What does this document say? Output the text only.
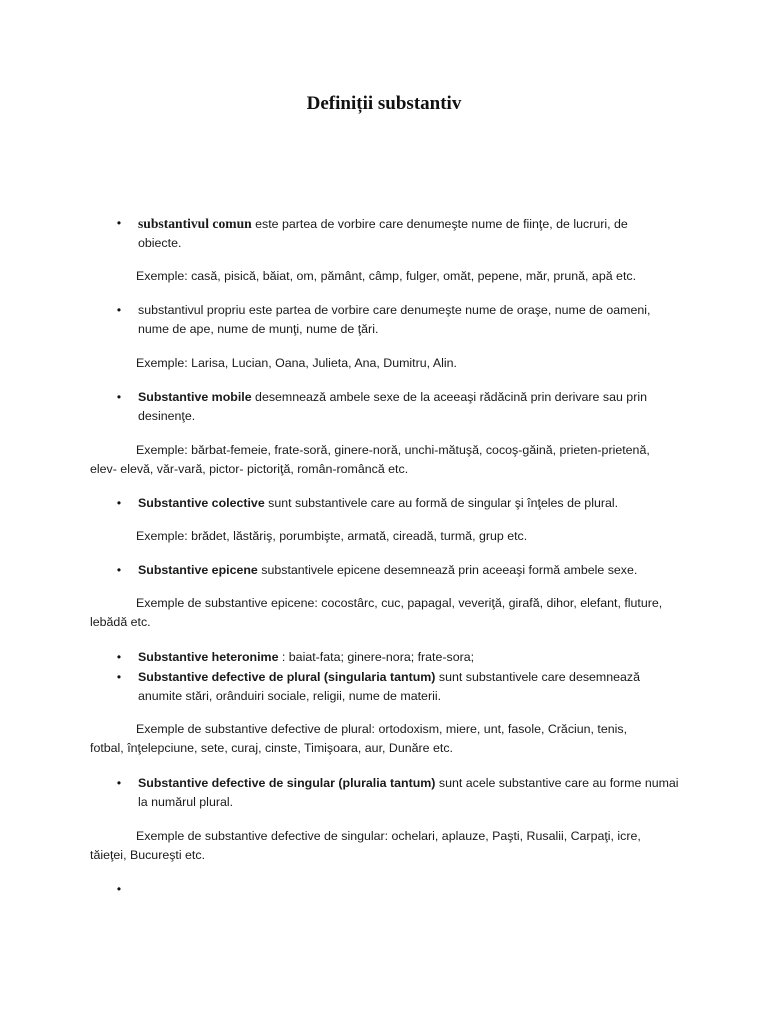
Definiții substantiv
• substantivul comun este partea de vorbire care denumeşte nume de fiinţe, de lucruri, de
obiecte.
Exemple: casă, pisică, băiat, om, pământ, câmp, fulger, omăt, pepene, măr, prună, apă etc.
• substantivul propriu este partea de vorbire care denumeşte nume de oraşe, nume de oameni,
nume de ape, nume de munţi, nume de ţări.
Exemple: Larisa, Lucian, Oana, Julieta, Ana, Dumitru, Alin.
• Substantive mobile desemnează ambele sexe de la aceeaşi rădăcină prin derivare sau prin
desinenţe.
Exemple: bărbat-femeie, frate-soră, ginere-noră, unchi-mătuşă, cocoş-găină, prieten-prietenă,
elev- elevă, văr-vară, pictor- pictoriţă, român-româncă etc.
• Substantive colective sunt substantivele care au formă de singular şi înţeles de plural.
Exemple: brădet, lăstăriş, porumbişte, armată, cireadă, turmă, grup etc.
• Substantive epicene substantivele epicene desemnează prin aceeaşi formă ambele sexe.
Exemple de substantive epicene: cocostârc, cuc, papagal, veveriţă, girafă, dihor, elefant, fluture,
lebădă etc.
• Substantive heteronime : baiat-fata; ginere-nora; frate-sora;
• Substantive defective de plural (singularia tantum) sunt substantivele care desemnează
anumite stări, orânduiri sociale, religii, nume de materii.
Exemple de substantive defective de plural: ortodoxism, miere, unt, fasole, Crăciun, tenis,
fotbal, înţelepciune, sete, curaj, cinste, Timişoara, aur, Dunăre etc.
• Substantive defective de singular (pluralia tantum) sunt acele substantive care au forme numai
la numărul plural.
Exemple de substantive defective de singular: ochelari, aplauze, Paşti, Rusalii, Carpaţi, icre,
tăieţei, Bucureşti etc.
•
